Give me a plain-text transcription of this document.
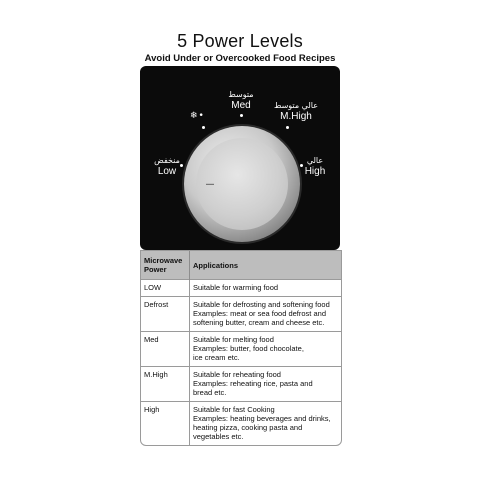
5 Power Levels
Avoid Under or Overcooked Food Recipes
منخفض
Low
متوسط
Med	عالي متوسط
M.High
عالي
High
❄•
▬▬
Microwave Power	Applications
LOW	Suitable for warming food

Defrost	Suitable for defrosting and softening food
Examples: meat or sea food defrost and
softening butter, cream and cheese etc.

Med	Suitable for melting food
Examples: butter, food chocolate,
ice cream etc.

M.High	Suitable for reheating food
Examples: reheating rice, pasta and
bread etc.

High	Suitable for fast Cooking
Examples: heating beverages and drinks,
heating pizza, cooking pasta and
vegetables etc.
